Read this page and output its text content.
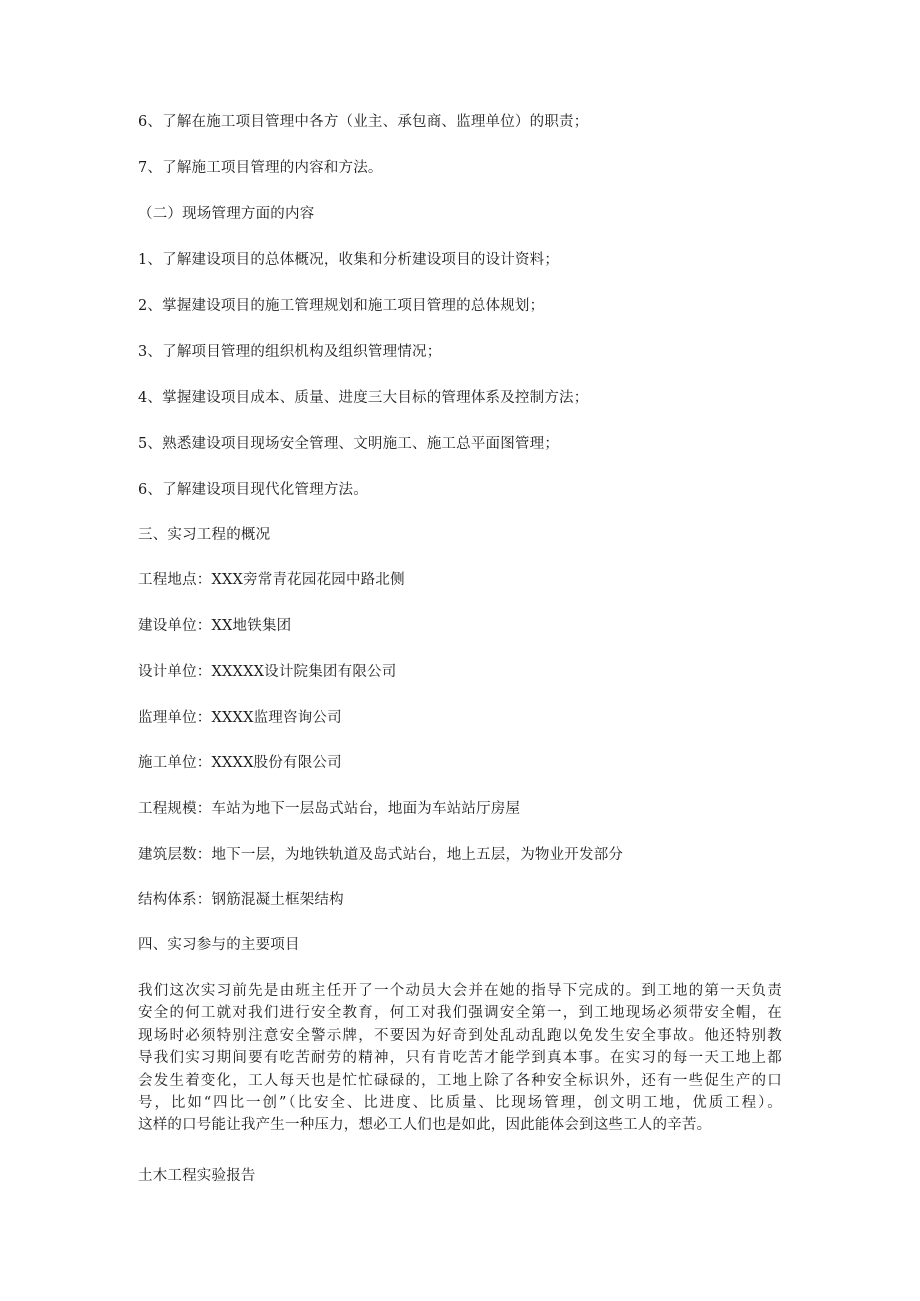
6、了解在施工项目管理中各方（业主、承包商、监理单位）的职责；
7、了解施工项目管理的内容和方法。
（二）现场管理方面的内容
1、了解建设项目的总体概况，收集和分析建设项目的设计资料；
2、掌握建设项目的施工管理规划和施工项目管理的总体规划；
3、了解项目管理的组织机构及组织管理情况；
4、掌握建设项目成本、质量、进度三大目标的管理体系及控制方法；
5、熟悉建设项目现场安全管理、文明施工、施工总平面图管理；
6、了解建设项目现代化管理方法。
三、实习工程的概况
工程地点：XXX旁常青花园花园中路北侧
建设单位：XX地铁集团
设计单位：XXXXX设计院集团有限公司
监理单位：XXXX监理咨询公司
施工单位：XXXX股份有限公司
工程规模：车站为地下一层岛式站台，地面为车站站厅房屋
建筑层数：地下一层，为地铁轨道及岛式站台，地上五层，为物业开发部分
结构体系：钢筋混凝土框架结构
四、实习参与的主要项目
我们这次实习前先是由班主任开了一个动员大会并在她的指导下完成的。到工地的第一天负责
安全的何工就对我们进行安全教育，何工对我们强调安全第一，到工地现场必须带安全帽，在
现场时必须特别注意安全警示牌，不要因为好奇到处乱动乱跑以免发生安全事故。他还特别教
导我们实习期间要有吃苦耐劳的精神，只有肯吃苦才能学到真本事。在实习的每一天工地上都
会发生着变化，工人每天也是忙忙碌碌的，工地上除了各种安全标识外，还有一些促生产的口
号，比如“四比一创”（比安全、比进度、比质量、比现场管理，创文明工地，优质工程）。
这样的口号能让我产生一种压力，想必工人们也是如此，因此能体会到这些工人的辛苦。
土木工程实验报告
